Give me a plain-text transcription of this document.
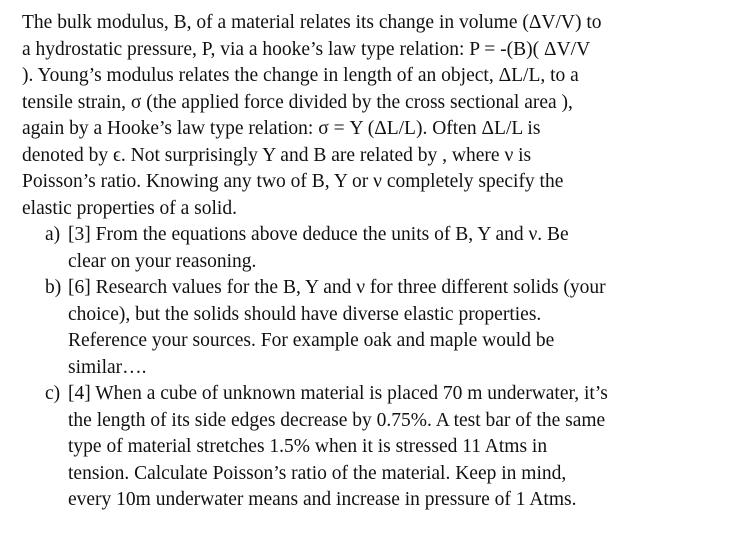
The bulk modulus, B, of a material relates its change in volume (ΔV/V) to
a hydrostatic pressure, P, via a hooke’s law type relation: P = -(B)( ΔV/V
). Young’s modulus relates the change in length of an object, ΔL/L, to a
tensile strain, σ (the applied force divided by the cross sectional area ),
again by a Hooke’s law type relation: σ = Y (ΔL/L). Often ΔL/L is
denoted by ϵ. Not surprisingly Y and B are related by , where ν is
Poisson’s ratio. Knowing any two of B, Y or ν completely specify the
elastic properties of a solid.
a) [3] From the equations above deduce the units of B, Y and ν. Be
clear on your reasoning.
b) [6] Research values for the B, Y and ν for three different solids (your
choice), but the solids should have diverse elastic properties.
Reference your sources. For example oak and maple would be
similar….
c) [4] When a cube of unknown material is placed 70 m underwater, it’s
the length of its side edges decrease by 0.75%. A test bar of the same
type of material stretches 1.5% when it is stressed 11 Atms in
tension. Calculate Poisson’s ratio of the material. Keep in mind,
every 10m underwater means and increase in pressure of 1 Atms.
